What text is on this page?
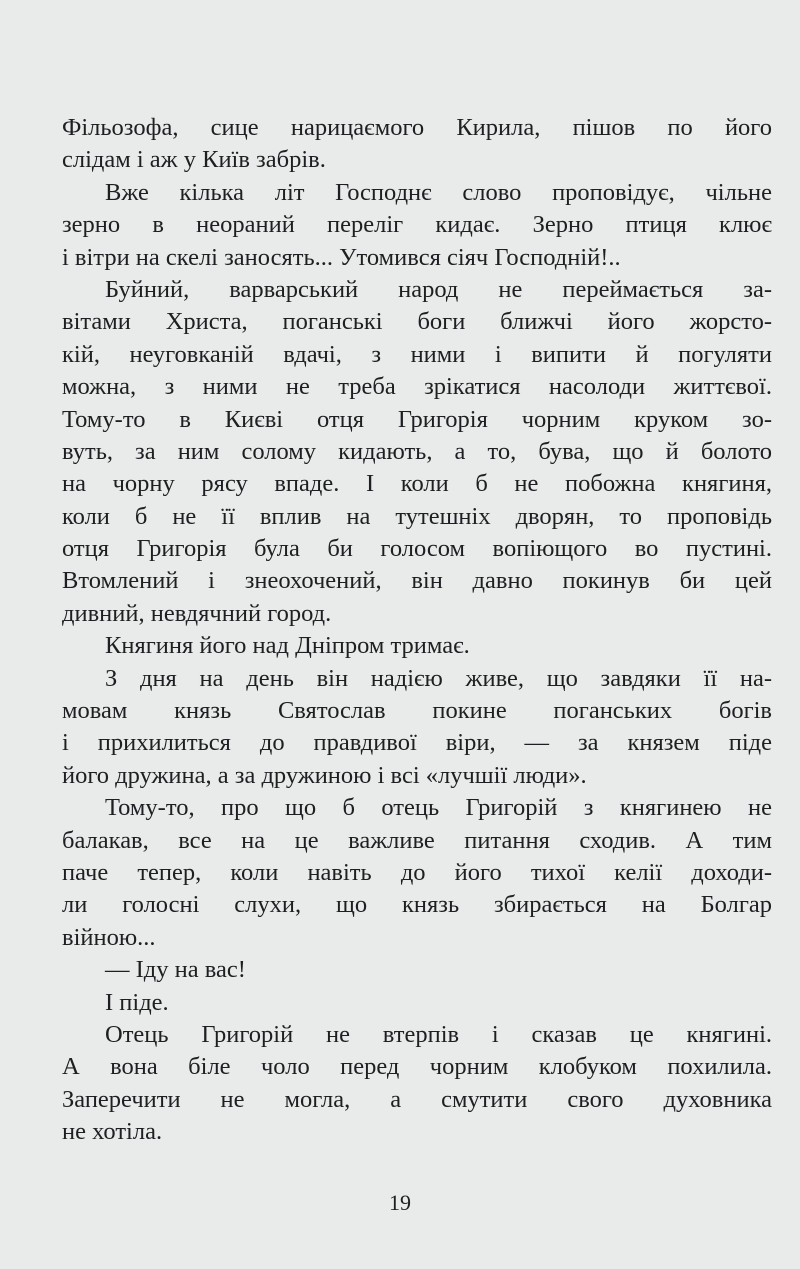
Фільозофа, сице нарицаємого Кирила, пішов по його
слідам і аж у Київ забрів.
Вже кілька літ Господнє слово проповідує, чільне
зерно в неораний переліг кидає. Зерно птиця клює
і вітри на скелі заносять... Утомився сіяч Господній!..
Буйний, варварський народ не переймається за-
вітами Христа, поганські боги ближчі його жорсто-
кій, неуговканій вдачі, з ними і випити й погуляти
можна, з ними не треба зрікатися насолоди життєвої.
Тому-то в Києві отця Григорія чорним круком зо-
вуть, за ним солому кидають, а то, бува, що й болото
на чорну рясу впаде. І коли б не побожна княгиня,
коли б не її вплив на тутешніх дворян, то проповідь
отця Григорія була би голосом вопіющого во пустині.
Втомлений і знеохочений, він давно покинув би цей
дивний, невдячний город.
Княгиня його над Дніпром тримає.
З дня на день він надією живе, що завдяки її на-
мовам князь Святослав покине поганських богів
і прихилиться до правдивої віри, — за князем піде
його дружина, а за дружиною і всі «лучшії люди».
Тому-то, про що б отець Григорій з княгинею не
балакав, все на це важливе питання сходив. А тим
паче тепер, коли навіть до його тихої келії доходи-
ли голосні слухи, що князь збирається на Болгар
війною...
— Іду на вас!
І піде.
Отець Григорій не втерпів і сказав це княгині.
А вона біле чоло перед чорним клобуком похилила.
Заперечити не могла, а смутити свого духовника
не хотіла.
19
